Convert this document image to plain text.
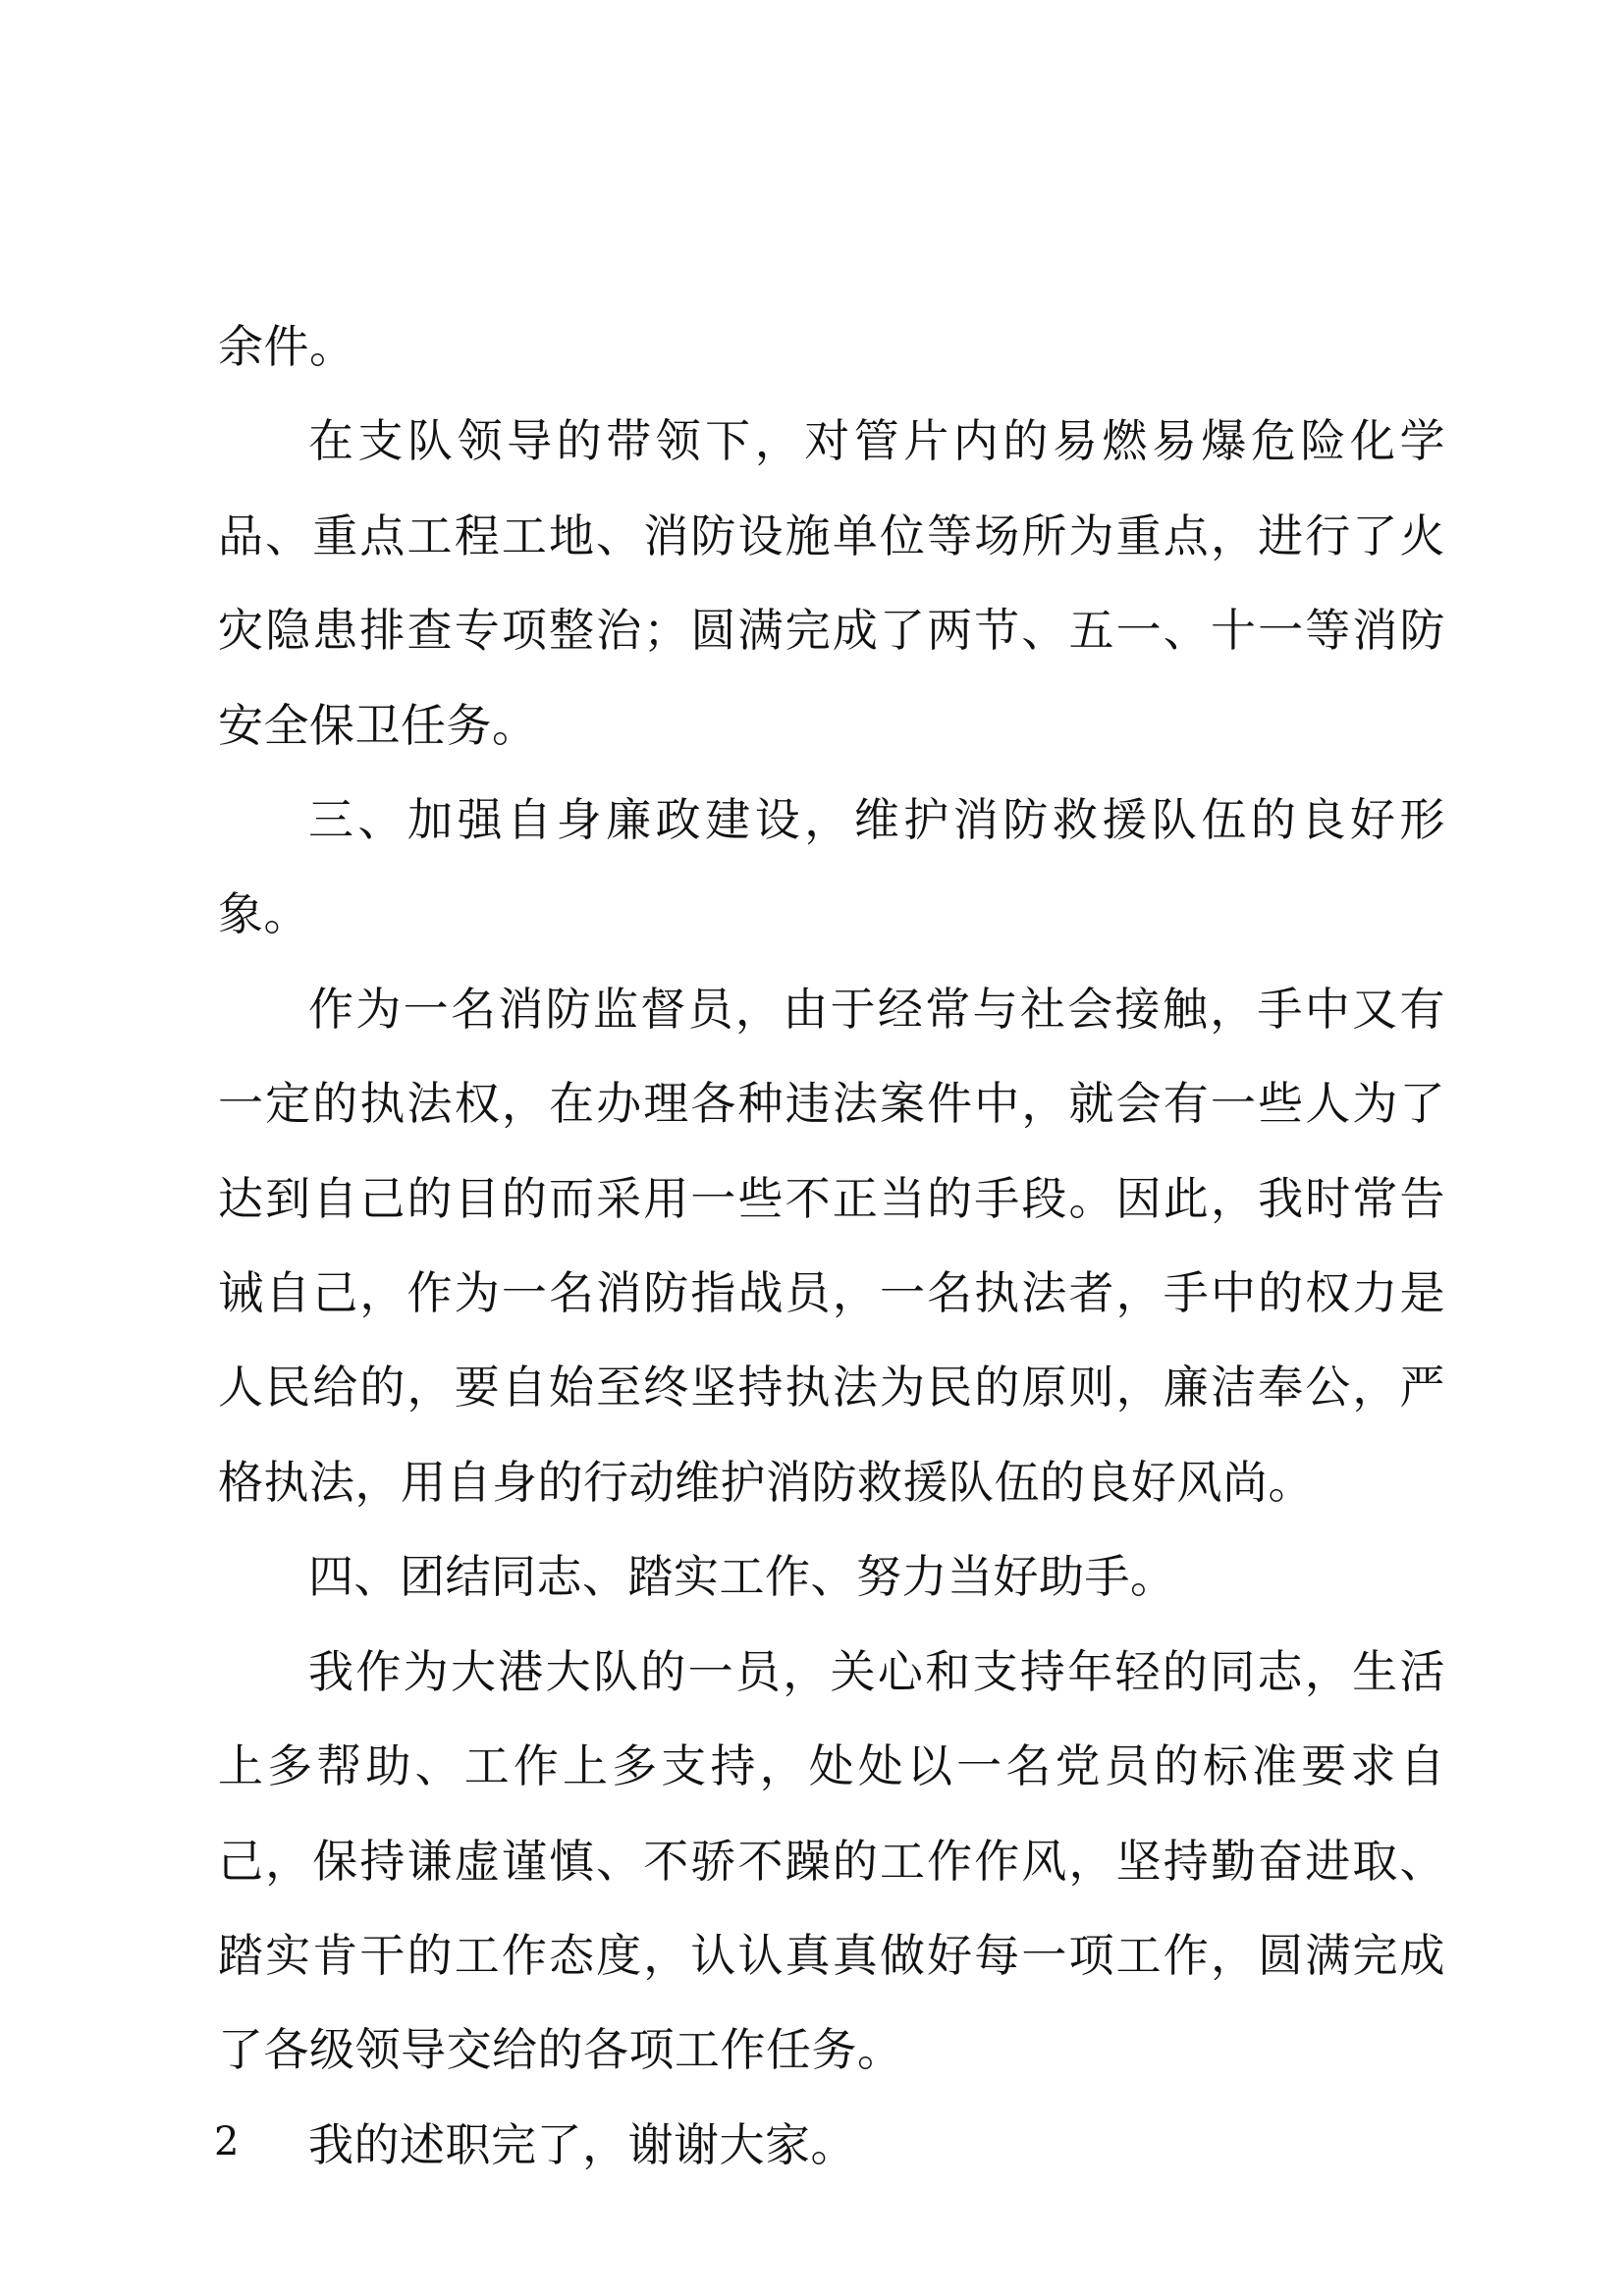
余件。

在支队领导的带领下，对管片内的易燃易爆危险化学品、重点工程工地、消防设施单位等场所为重点，进行了火灾隐患排查专项整治；圆满完成了两节、五一、十一等消防安全保卫任务。

三、加强自身廉政建设，维护消防救援队伍的良好形象。

作为一名消防监督员，由于经常与社会接触，手中又有一定的执法权，在办理各种违法案件中，就会有一些人为了达到自己的目的而采用一些不正当的手段。因此，我时常告诫自己，作为一名消防指战员，一名执法者，手中的权力是人民给的，要自始至终坚持执法为民的原则，廉洁奉公，严格执法，用自身的行动维护消防救援队伍的良好风尚。

四、团结同志、踏实工作、努力当好助手。

我作为大港大队的一员，关心和支持年轻的同志，生活上多帮助、工作上多支持，处处以一名党员的标准要求自己，保持谦虚谨慎、不骄不躁的工作作风，坚持勤奋进取、踏实肯干的工作态度，认认真真做好每一项工作，圆满完成了各级领导交给的各项工作任务。

我的述职完了，谢谢大家。

2
